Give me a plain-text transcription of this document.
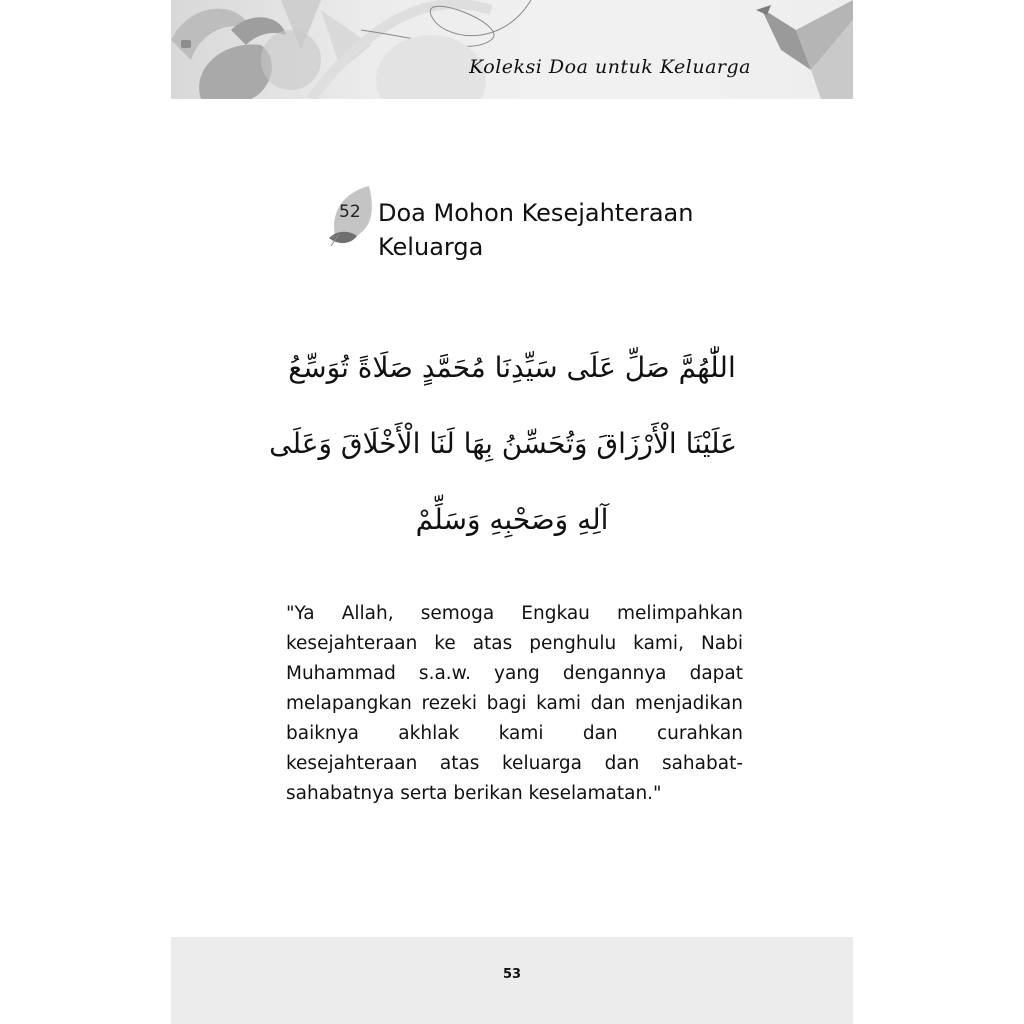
Koleksi Doa untuk Keluarga
52 Doa Mohon Kesejahteraan Keluarga
اللّٰهُمَّ صَلِّ عَلَى سَيِّدِنَا مُحَمَّدٍ صَلَاةً تُوَسِّعُ
عَلَيْنَا الْأَرْزَاقَ وَتُحَسِّنُ بِهَا لَنَا الْأَخْلَاقَ وَعَلَى
آلِهِ وَصَحْبِهِ وَسَلِّمْ

"Ya Allah, semoga Engkau melimpahkan kesejahteraan ke atas penghulu kami, Nabi Muhammad s.a.w. yang dengannya dapat melapangkan rezeki bagi kami dan menjadikan baiknya akhlak kami dan curahkan kesejahteraan atas keluarga dan sahabat-sahabatnya serta berikan keselamatan."

53
